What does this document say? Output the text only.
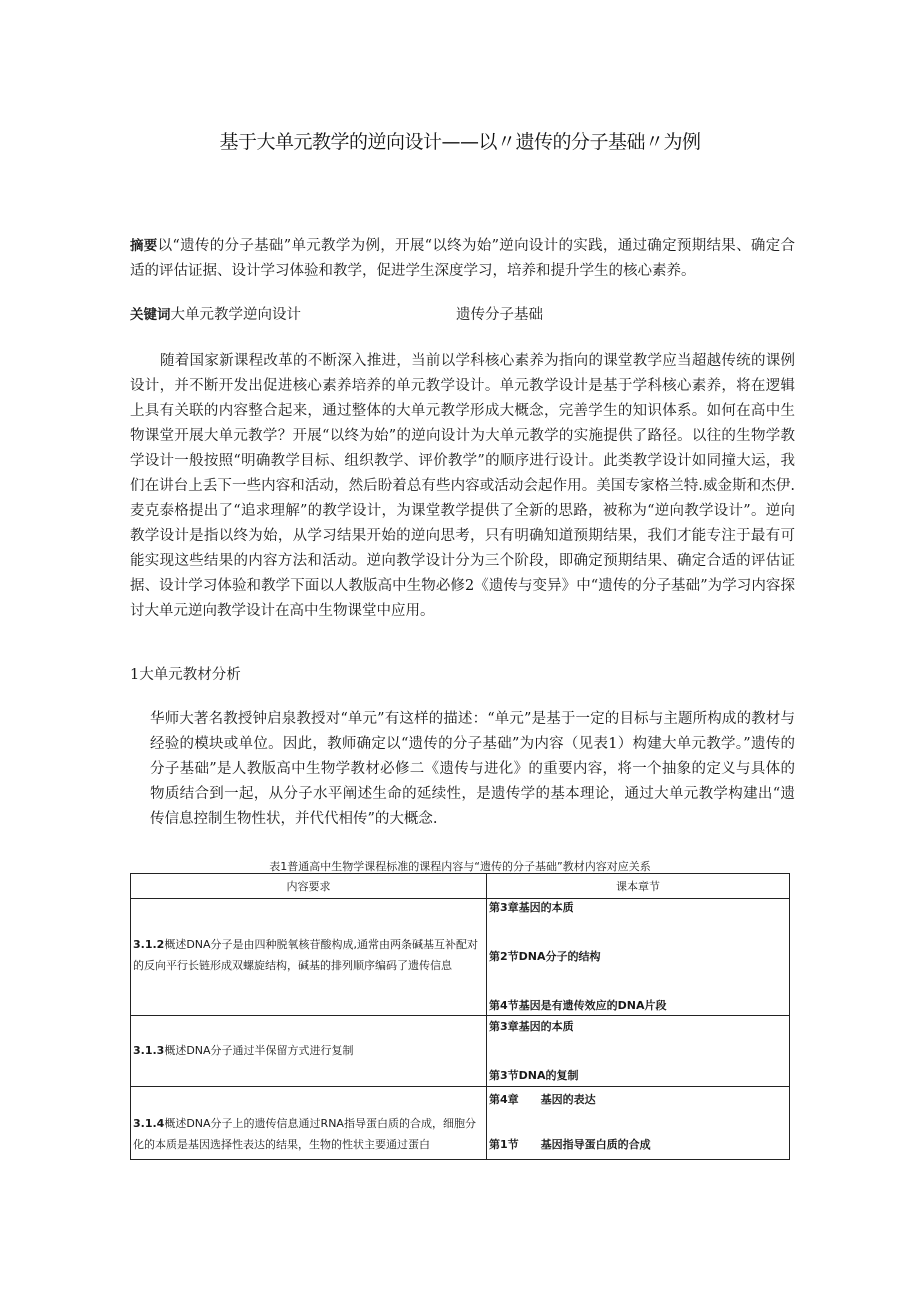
基于大单元教学的逆向设计——以〃遗传的分子基础〃为例
摘要以“遗传的分子基础”单元教学为例，开展“以终为始”逆向设计的实践，通过确定预期结果、确定合适的评估证据、设计学习体验和教学，促进学生深度学习，培养和提升学生的核心素养。
关键词大单元教学逆向设计	遗传分子基础
随着国家新课程改革的不断深入推进，当前以学科核心素养为指向的课堂教学应当超越传统的课例设计，并不断开发出促进核心素养培养的单元教学设计。单元教学设计是基于学科核心素养，将在逻辑上具有关联的内容整合起来，通过整体的大单元教学形成大概念，完善学生的知识体系。如何在高中生物课堂开展大单元教学？开展“以终为始”的逆向设计为大单元教学的实施提供了路径。以往的生物学教学设计一般按照“明确教学目标、组织教学、评价教学”的顺序进行设计。此类教学设计如同撞大运，我们在讲台上丢下一些内容和活动，然后盼着总有些内容或活动会起作用。美国专家格兰特.威金斯和杰伊.麦克泰格提出了“追求理解”的教学设计，为课堂教学提供了全新的思路，被称为“逆向教学设计”。逆向教学设计是指以终为始，从学习结果开始的逆向思考，只有明确知道预期结果，我们才能专注于最有可能实现这些结果的内容方法和活动。逆向教学设计分为三个阶段，即确定预期结果、确定合适的评估证据、设计学习体验和教学下面以人教版高中生物必修2《遗传与变异》中“遗传的分子基础”为学习内容探讨大单元逆向教学设计在高中生物课堂中应用。
1大单元教材分析
华师大著名教授钟启泉教授对“单元”有这样的描述：“单元”是基于一定的目标与主题所构成的教材与经验的模块或单位。因此，教师确定以“遗传的分子基础”为内容（见表1）构建大单元教学。”遗传的分子基础”是人教版高中生物学教材必修二《遗传与进化》的重要内容，将一个抽象的定义与具体的物质结合到一起，从分子水平阐述生命的延续性，是遗传学的基本理论，通过大单元教学构建出“遗传信息控制生物性状，并代代相传”的大概念.
表1普通高中生物学课程标准的课程内容与“遗传的分子基础”教材内容对应关系
内容要求	课本章节

3.1.2概述DNA分子是由四种脱氧核苷酸构成,通常由两条碱基互补配对的反向平行长链形成双螺旋结构，碱基的排列顺序编码了遗传信息	第3章基因的本质
第2节DNA分子的结构
第4节基因是有遗传效应的DNA片段

3.1.3概述DNA分子通过半保留方式进行复制	第3章基因的本质
第3节DNA的复制

3.1.4概述DNA分子上的遗传信息通过RNA指导蛋白质的合成，细胞分化的本质是基因选择性表达的结果，生物的性状主要通过蛋白	第4章　　基因的表达
第1节　　基因指导蛋白质的合成
